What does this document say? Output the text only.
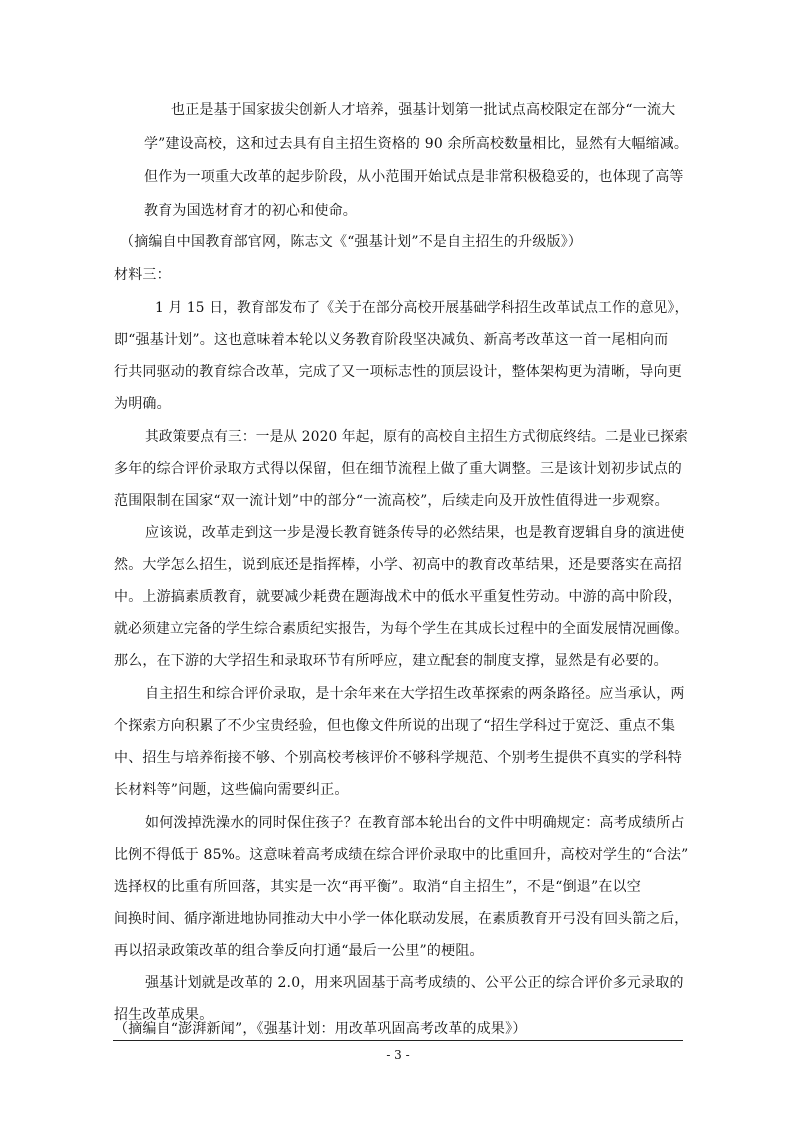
也正是基于国家拔尖创新人才培养，强基计划第一批试点高校限定在部分“一流大
学”建设高校，这和过去具有自主招生资格的 90 余所高校数量相比，显然有大幅缩减。
但作为一项重大改革的起步阶段，从小范围开始试点是非常积极稳妥的，也体现了高等
教育为国选材育才的初心和使命。
（摘编自中国教育部官网，陈志文《“强基计划”不是自主招生的升级版》）
材料三：
1 月 15 日，教育部发布了《关于在部分高校开展基础学科招生改革试点工作的意见》，
即“强基计划”。这也意味着本轮以义务教育阶段坚决减负、新高考改革这一首一尾相向而
行共同驱动的教育综合改革，完成了又一项标志性的顶层设计，整体架构更为清晰，导向更
为明确。
其政策要点有三：一是从 2020 年起，原有的高校自主招生方式彻底终结。二是业已探索
多年的综合评价录取方式得以保留，但在细节流程上做了重大调整。三是该计划初步试点的
范围限制在国家“双一流计划”中的部分“一流高校”，后续走向及开放性值得进一步观察。
应该说，改革走到这一步是漫长教育链条传导的必然结果，也是教育逻辑自身的演进使
然。大学怎么招生，说到底还是指挥棒，小学、初高中的教育改革结果，还是要落实在高招
中。上游搞素质教育，就要减少耗费在题海战术中的低水平重复性劳动。中游的高中阶段，
就必须建立完备的学生综合素质纪实报告，为每个学生在其成长过程中的全面发展情况画像。
那么，在下游的大学招生和录取环节有所呼应，建立配套的制度支撑，显然是有必要的。
自主招生和综合评价录取，是十余年来在大学招生改革探索的两条路径。应当承认，两
个探索方向积累了不少宝贵经验，但也像文件所说的出现了“招生学科过于宽泛、重点不集
中、招生与培养衔接不够、个别高校考核评价不够科学规范、个别考生提供不真实的学科特
长材料等”问题，这些偏向需要纠正。
如何泼掉洗澡水的同时保住孩子？在教育部本轮出台的文件中明确规定：高考成绩所占
比例不得低于 85%。这意味着高考成绩在综合评价录取中的比重回升，高校对学生的“合法”
选择权的比重有所回落，其实是一次“再平衡”。取消“自主招生”，不是“倒退”在以空
间换时间、循序渐进地协同推动大中小学一体化联动发展，在素质教育开弓没有回头箭之后，
再以招录政策改革的组合拳反向打通“最后一公里”的梗阻。
强基计划就是改革的 2.0，用来巩固基于高考成绩的、公平公正的综合评价多元录取的
招生改革成果。
（摘编自“澎湃新闻”，《强基计划：用改革巩固高考改革的成果》）
- 3 -
